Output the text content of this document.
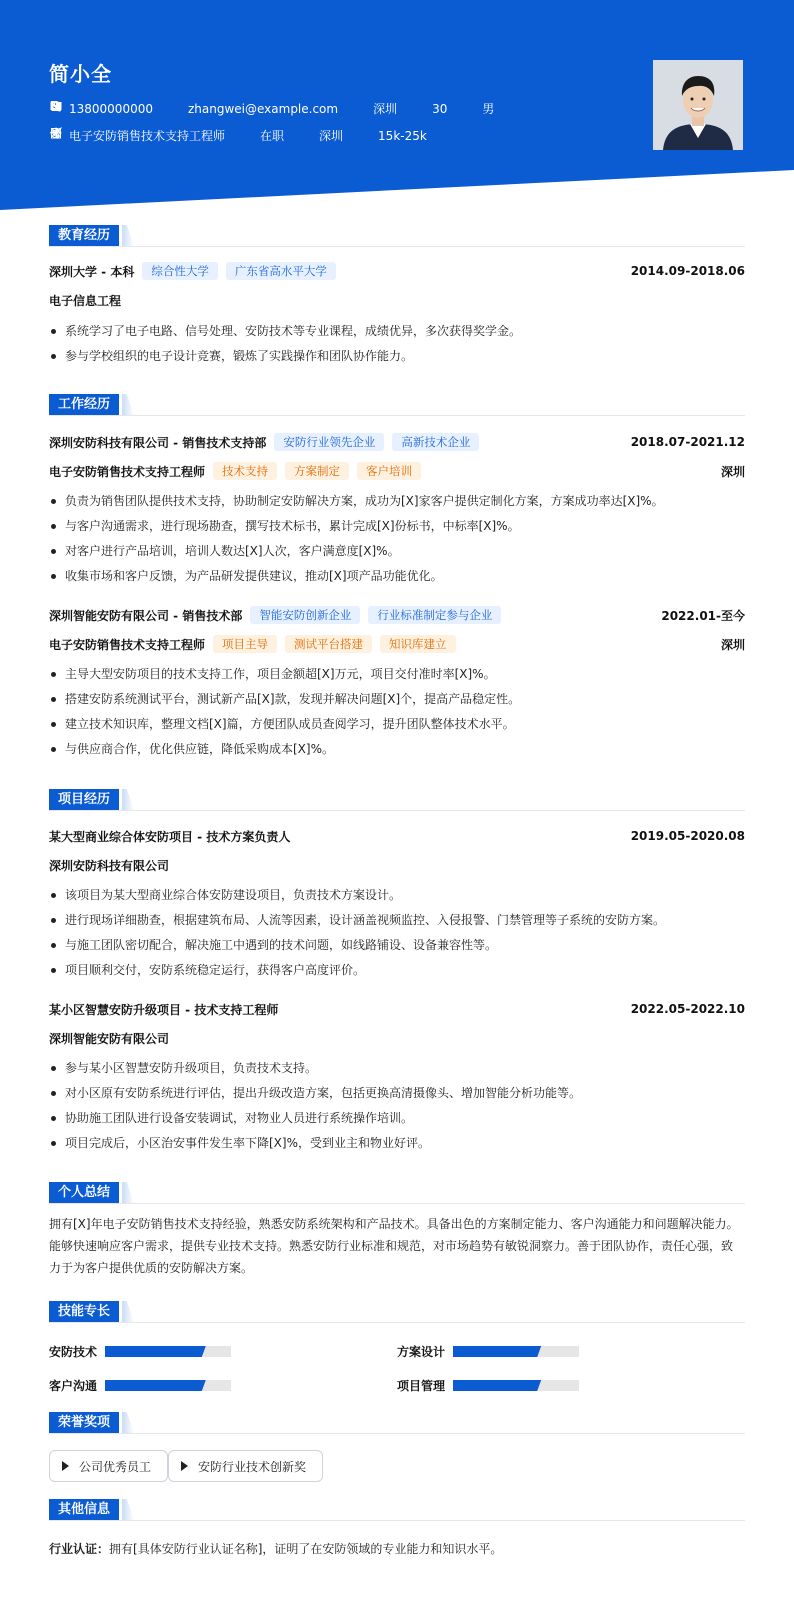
简小全
13800000000	zhangwei@example.com	深圳	30	男
电子安防销售技术支持工程师	在职	深圳	15k-25k
教育经历
深圳大学 - 本科	综合性大学	广东省高水平大学	2014.09-2018.06
电子信息工程
系统学习了电子电路、信号处理、安防技术等专业课程，成绩优异，多次获得奖学金。
参与学校组织的电子设计竞赛，锻炼了实践操作和团队协作能力。
工作经历
深圳安防科技有限公司 - 销售技术支持部	安防行业领先企业	高新技术企业	2018.07-2021.12
电子安防销售技术支持工程师	技术支持	方案制定	客户培训	深圳
负责为销售团队提供技术支持，协助制定安防解决方案，成功为[X]家客户提供定制化方案，方案成功率达[X]%。
与客户沟通需求，进行现场勘查，撰写技术标书，累计完成[X]份标书，中标率[X]%。
对客户进行产品培训，培训人数达[X]人次，客户满意度[X]%。
收集市场和客户反馈，为产品研发提供建议，推动[X]项产品功能优化。
深圳智能安防有限公司 - 销售技术部	智能安防创新企业	行业标准制定参与企业	2022.01-至今
电子安防销售技术支持工程师	项目主导	测试平台搭建	知识库建立	深圳
主导大型安防项目的技术支持工作，项目金额超[X]万元，项目交付准时率[X]%。
搭建安防系统测试平台，测试新产品[X]款，发现并解决问题[X]个，提高产品稳定性。
建立技术知识库，整理文档[X]篇，方便团队成员查阅学习，提升团队整体技术水平。
与供应商合作，优化供应链，降低采购成本[X]%。
项目经历
某大型商业综合体安防项目 - 技术方案负责人	2019.05-2020.08
深圳安防科技有限公司
该项目为某大型商业综合体安防建设项目，负责技术方案设计。
进行现场详细勘查，根据建筑布局、人流等因素，设计涵盖视频监控、入侵报警、门禁管理等子系统的安防方案。
与施工团队密切配合，解决施工中遇到的技术问题，如线路铺设、设备兼容性等。
项目顺利交付，安防系统稳定运行，获得客户高度评价。
某小区智慧安防升级项目 - 技术支持工程师	2022.05-2022.10
深圳智能安防有限公司
参与某小区智慧安防升级项目，负责技术支持。
对小区原有安防系统进行评估，提出升级改造方案，包括更换高清摄像头、增加智能分析功能等。
协助施工团队进行设备安装调试，对物业人员进行系统操作培训。
项目完成后，小区治安事件发生率下降[X]%，受到业主和物业好评。
个人总结
拥有[X]年电子安防销售技术支持经验，熟悉安防系统架构和产品技术。具备出色的方案制定能力、客户沟通能力和问题解决能力。
能够快速响应客户需求，提供专业技术支持。熟悉安防行业标准和规范，对市场趋势有敏锐洞察力。善于团队协作，责任心强，致
力于为客户提供优质的安防解决方案。
技能专长
安防技术	方案设计
客户沟通	项目管理
荣誉奖项
公司优秀员工	安防行业技术创新奖
其他信息
行业认证：拥有[具体安防行业认证名称]，证明了在安防领域的专业能力和知识水平。
